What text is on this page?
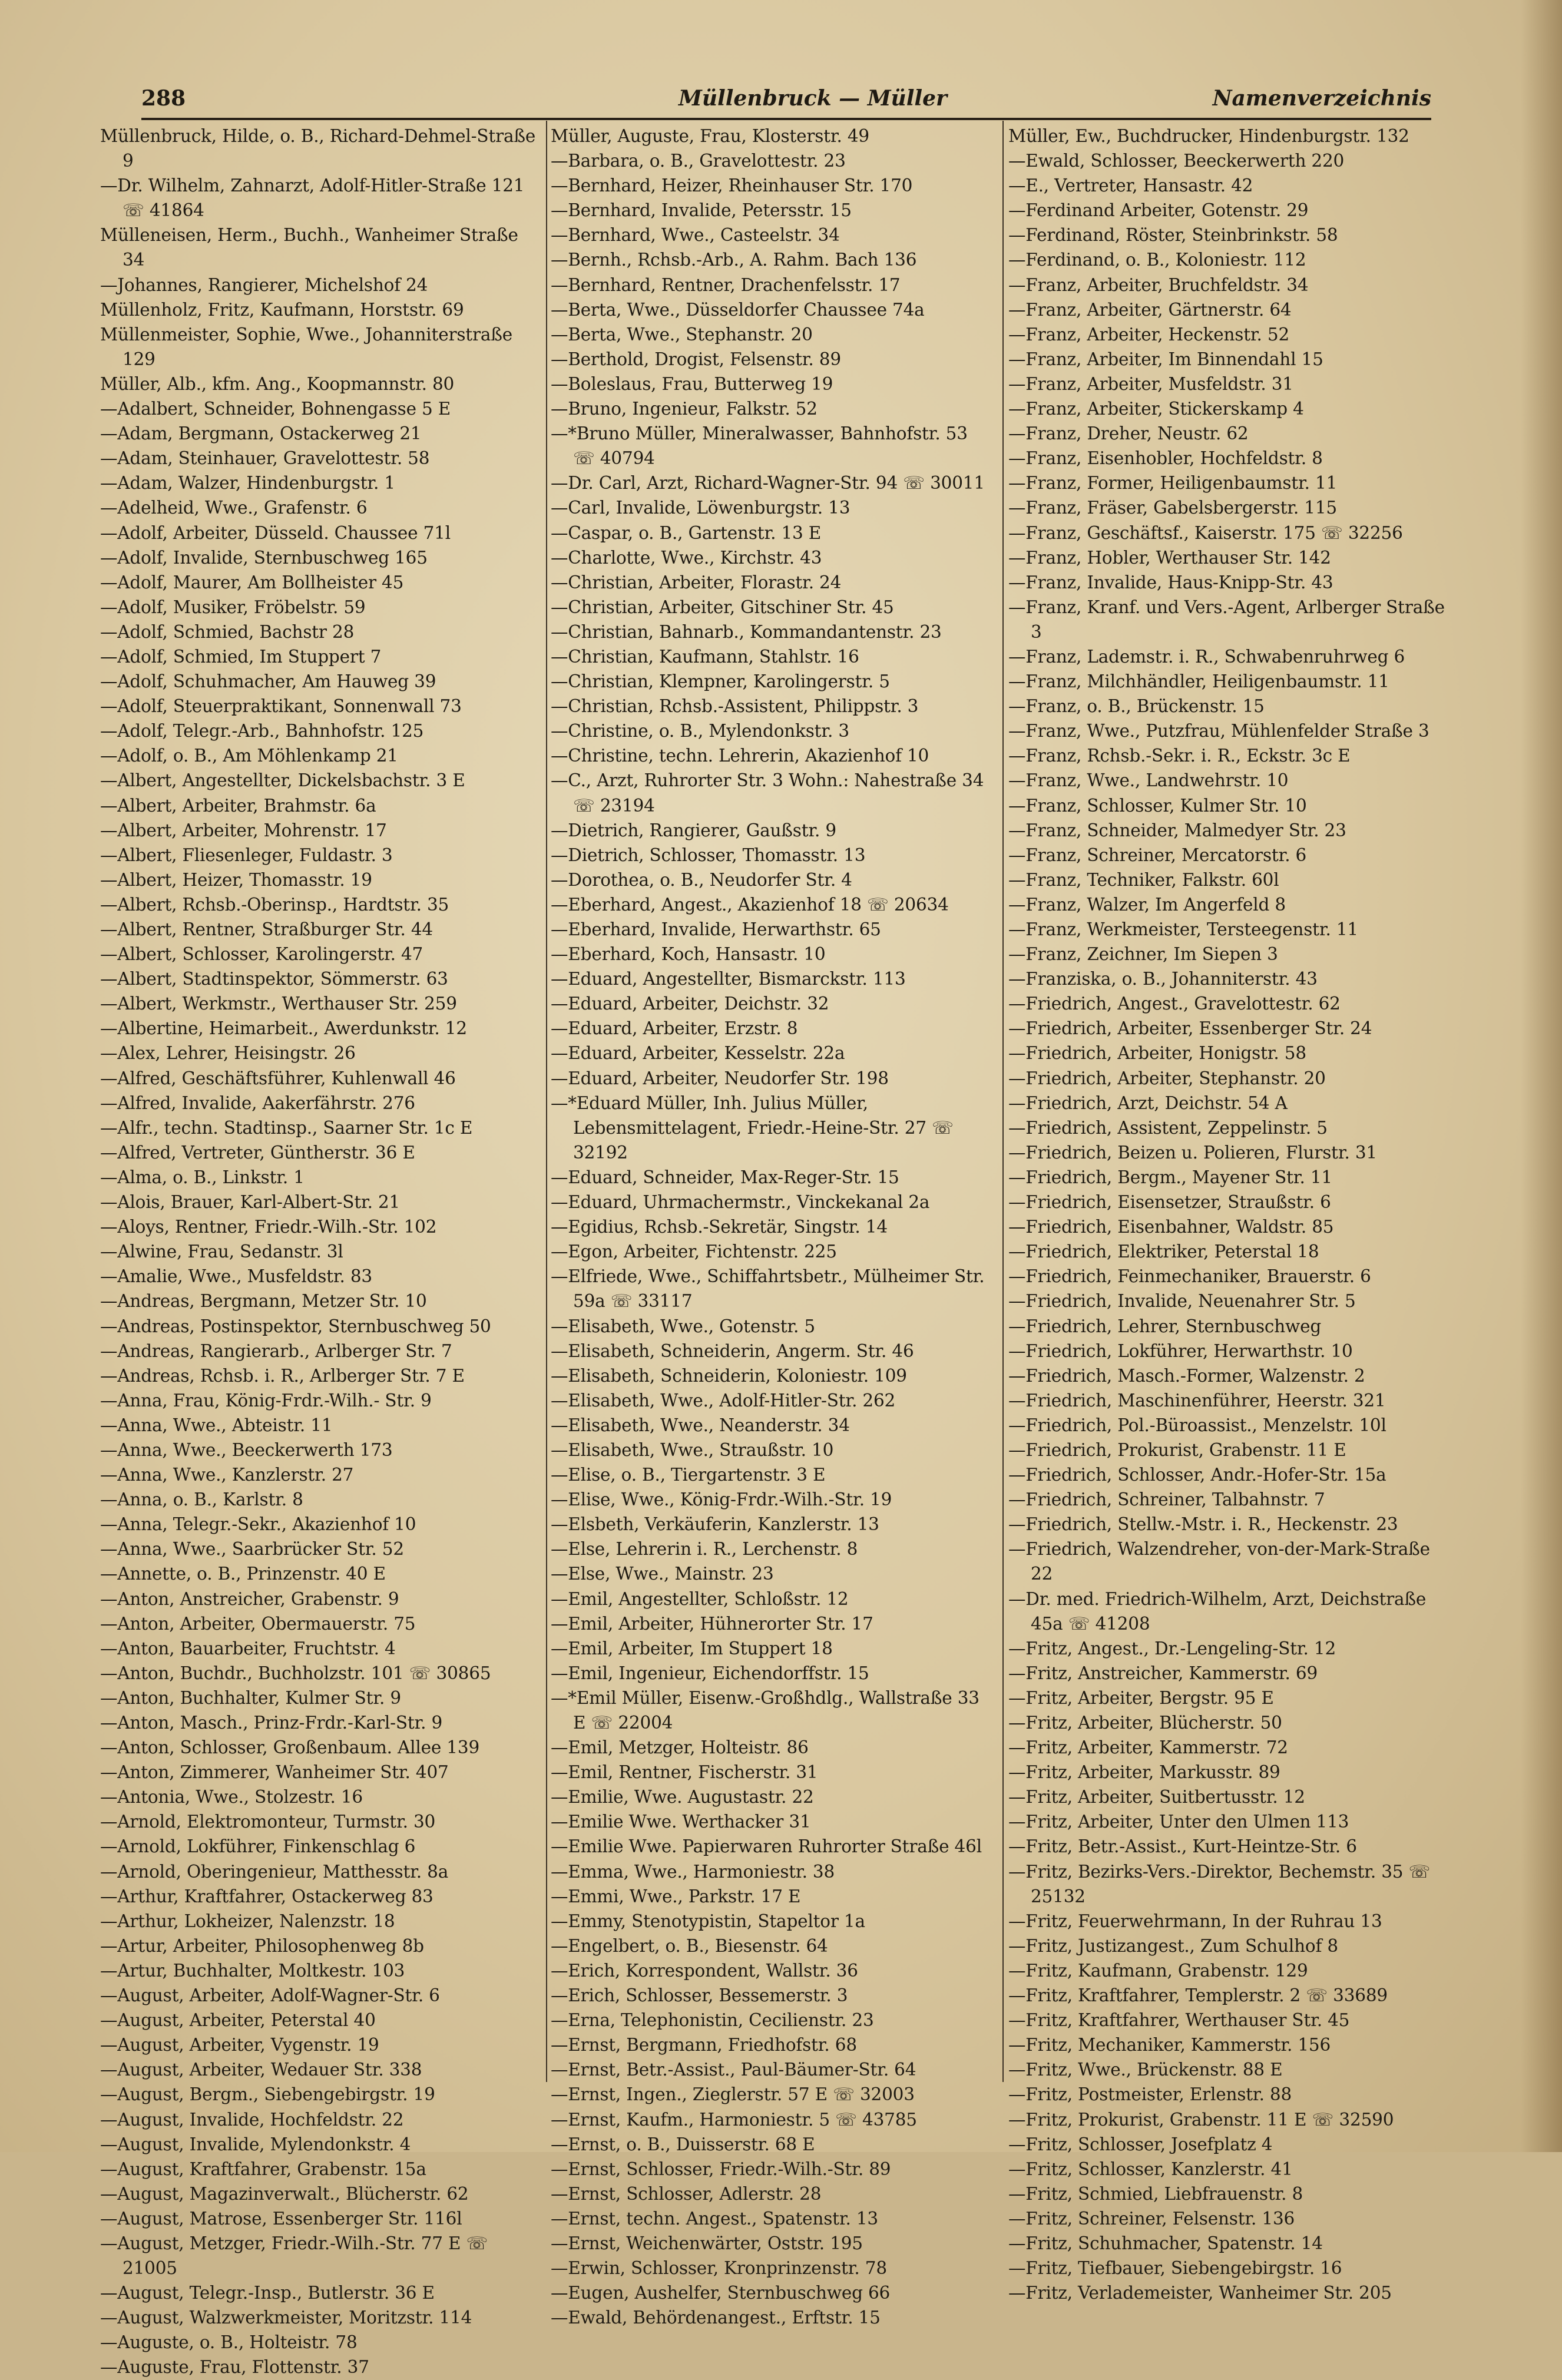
288	Müllenbruck — Müller	Namenverzeichnis

Müllenbruck, Hilde, o. B., Richard-Dehmel-Straße 9

—Dr. Wilhelm, Zahnarzt, Adolf-Hitler-Straße 121 ☏ 41864

Mülleneisen, Herm., Buchh., Wanheimer Straße 34

—Johannes, Rangierer, Michelshof 24

Müllenholz, Fritz, Kaufmann, Horststr. 69

Müllenmeister, Sophie, Wwe., Johanniterstraße 129

Müller, Alb., kfm. Ang., Koopmannstr. 80

—Adalbert, Schneider, Bohnengasse 5 E

—Adam, Bergmann, Ostackerweg 21

—Adam, Steinhauer, Gravelottestr. 58

—Adam, Walzer, Hindenburgstr. 1

—Adelheid, Wwe., Grafenstr. 6

—Adolf, Arbeiter, Düsseld. Chaussee 71l

—Adolf, Invalide, Sternbuschweg 165

—Adolf, Maurer, Am Bollheister 45

—Adolf, Musiker, Fröbelstr. 59

—Adolf, Schmied, Bachstr 28

—Adolf, Schmied, Im Stuppert 7

—Adolf, Schuhmacher, Am Hauweg 39

—Adolf, Steuerpraktikant, Sonnenwall 73

—Adolf, Telegr.-Arb., Bahnhofstr. 125

—Adolf, o. B., Am Möhlenkamp 21

—Albert, Angestellter, Dickelsbachstr. 3 E

—Albert, Arbeiter, Brahmstr. 6a

—Albert, Arbeiter, Mohrenstr. 17

—Albert, Fliesenleger, Fuldastr. 3

—Albert, Heizer, Thomasstr. 19

—Albert, Rchsb.-Oberinsp., Hardtstr. 35

—Albert, Rentner, Straßburger Str. 44

—Albert, Schlosser, Karolingerstr. 47

—Albert, Stadtinspektor, Sömmerstr. 63

—Albert, Werkmstr., Werthauser Str. 259

—Albertine, Heimarbeit., Awerdunkstr. 12

—Alex, Lehrer, Heisingstr. 26

—Alfred, Geschäftsführer, Kuhlenwall 46

—Alfred, Invalide, Aakerfährstr. 276

—Alfr., techn. Stadtinsp., Saarner Str. 1c E

—Alfred, Vertreter, Güntherstr. 36 E

—Alma, o. B., Linkstr. 1

—Alois, Brauer, Karl-Albert-Str. 21

—Aloys, Rentner, Friedr.-Wilh.-Str. 102

—Alwine, Frau, Sedanstr. 3l

—Amalie, Wwe., Musfeldstr. 83

—Andreas, Bergmann, Metzer Str. 10

—Andreas, Postinspektor, Sternbuschweg 50

—Andreas, Rangierarb., Arlberger Str. 7

—Andreas, Rchsb. i. R., Arlberger Str. 7 E

—Anna, Frau, König-Frdr.-Wilh.- Str. 9

—Anna, Wwe., Abteistr. 11

—Anna, Wwe., Beeckerwerth 173

—Anna, Wwe., Kanzlerstr. 27

—Anna, o. B., Karlstr. 8

—Anna, Telegr.-Sekr., Akazienhof 10

—Anna, Wwe., Saarbrücker Str. 52

—Annette, o. B., Prinzenstr. 40 E

—Anton, Anstreicher, Grabenstr. 9

—Anton, Arbeiter, Obermauerstr. 75

—Anton, Bauarbeiter, Fruchtstr. 4

—Anton, Buchdr., Buchholzstr. 101 ☏ 30865

—Anton, Buchhalter, Kulmer Str. 9

—Anton, Masch., Prinz-Frdr.-Karl-Str. 9

—Anton, Schlosser, Großenbaum. Allee 139

—Anton, Zimmerer, Wanheimer Str. 407

—Antonia, Wwe., Stolzestr. 16

—Arnold, Elektromonteur, Turmstr. 30

—Arnold, Lokführer, Finkenschlag 6

—Arnold, Oberingenieur, Matthesstr. 8a

—Arthur, Kraftfahrer, Ostackerweg 83

—Arthur, Lokheizer, Nalenzstr. 18

—Artur, Arbeiter, Philosophenweg 8b

—Artur, Buchhalter, Moltkestr. 103

—August, Arbeiter, Adolf-Wagner-Str. 6

—August, Arbeiter, Peterstal 40

—August, Arbeiter, Vygenstr. 19

—August, Arbeiter, Wedauer Str. 338

—August, Bergm., Siebengebirgstr. 19

—August, Invalide, Hochfeldstr. 22

—August, Invalide, Mylendonkstr. 4

—August, Kraftfahrer, Grabenstr. 15a

—August, Magazinverwalt., Blücherstr. 62

—August, Matrose, Essenberger Str. 116l

—August, Metzger, Friedr.-Wilh.-Str. 77 E ☏ 21005

—August, Telegr.-Insp., Butlerstr. 36 E

—August, Walzwerkmeister, Moritzstr. 114

—Auguste, o. B., Holteistr. 78

—Auguste, Frau, Flottenstr. 37

Müller, Auguste, Frau, Klosterstr. 49

—Barbara, o. B., Gravelottestr. 23

—Bernhard, Heizer, Rheinhauser Str. 170

—Bernhard, Invalide, Petersstr. 15

—Bernhard, Wwe., Casteelstr. 34

—Bernh., Rchsb.-Arb., A. Rahm. Bach 136

—Bernhard, Rentner, Drachenfelsstr. 17

—Berta, Wwe., Düsseldorfer Chaussee 74a

—Berta, Wwe., Stephanstr. 20

—Berthold, Drogist, Felsenstr. 89

—Boleslaus, Frau, Butterweg 19

—Bruno, Ingenieur, Falkstr. 52

—*Bruno Müller, Mineralwasser, Bahnhofstr. 53 ☏ 40794

—Dr. Carl, Arzt, Richard-Wagner-Str. 94 ☏ 30011

—Carl, Invalide, Löwenburgstr. 13

—Caspar, o. B., Gartenstr. 13 E

—Charlotte, Wwe., Kirchstr. 43

—Christian, Arbeiter, Florastr. 24

—Christian, Arbeiter, Gitschiner Str. 45

—Christian, Bahnarb., Kommandantenstr. 23

—Christian, Kaufmann, Stahlstr. 16

—Christian, Klempner, Karolingerstr. 5

—Christian, Rchsb.-Assistent, Philippstr. 3

—Christine, o. B., Mylendonkstr. 3

—Christine, techn. Lehrerin, Akazienhof 10

—C., Arzt, Ruhrorter Str. 3 Wohn.: Nahestraße 34 ☏ 23194

—Dietrich, Rangierer, Gaußstr. 9

—Dietrich, Schlosser, Thomasstr. 13

—Dorothea, o. B., Neudorfer Str. 4

—Eberhard, Angest., Akazienhof 18 ☏ 20634

—Eberhard, Invalide, Herwarthstr. 65

—Eberhard, Koch, Hansastr. 10

—Eduard, Angestellter, Bismarckstr. 113

—Eduard, Arbeiter, Deichstr. 32

—Eduard, Arbeiter, Erzstr. 8

—Eduard, Arbeiter, Kesselstr. 22a

—Eduard, Arbeiter, Neudorfer Str. 198

—*Eduard Müller, Inh. Julius Müller, Lebensmittelagent, Friedr.-Heine-Str. 27 ☏ 32192

—Eduard, Schneider, Max-Reger-Str. 15

—Eduard, Uhrmachermstr., Vinckekanal 2a

—Egidius, Rchsb.-Sekretär, Singstr. 14

—Egon, Arbeiter, Fichtenstr. 225

—Elfriede, Wwe., Schiffahrtsbetr., Mülheimer Str. 59a ☏ 33117

—Elisabeth, Wwe., Gotenstr. 5

—Elisabeth, Schneiderin, Angerm. Str. 46

—Elisabeth, Schneiderin, Koloniestr. 109

—Elisabeth, Wwe., Adolf-Hitler-Str. 262

—Elisabeth, Wwe., Neanderstr. 34

—Elisabeth, Wwe., Straußstr. 10

—Elise, o. B., Tiergartenstr. 3 E

—Elise, Wwe., König-Frdr.-Wilh.-Str. 19

—Elsbeth, Verkäuferin, Kanzlerstr. 13

—Else, Lehrerin i. R., Lerchenstr. 8

—Else, Wwe., Mainstr. 23

—Emil, Angestellter, Schloßstr. 12

—Emil, Arbeiter, Hühnerorter Str. 17

—Emil, Arbeiter, Im Stuppert 18

—Emil, Ingenieur, Eichendorffstr. 15

—*Emil Müller, Eisenw.-Großhdlg., Wallstraße 33 E ☏ 22004

—Emil, Metzger, Holteistr. 86

—Emil, Rentner, Fischerstr. 31

—Emilie, Wwe. Augustastr. 22

—Emilie Wwe. Werthacker 31

—Emilie Wwe. Papierwaren Ruhrorter Straße 46l

—Emma, Wwe., Harmoniestr. 38

—Emmi, Wwe., Parkstr. 17 E

—Emmy, Stenotypistin, Stapeltor 1a

—Engelbert, o. B., Biesenstr. 64

—Erich, Korrespondent, Wallstr. 36

—Erich, Schlosser, Bessemerstr. 3

—Erna, Telephonistin, Cecilienstr. 23

—Ernst, Bergmann, Friedhofstr. 68

—Ernst, Betr.-Assist., Paul-Bäumer-Str. 64

—Ernst, Ingen., Zieglerstr. 57 E ☏ 32003

—Ernst, Kaufm., Harmoniestr. 5 ☏ 43785

—Ernst, o. B., Duisserstr. 68 E

—Ernst, Schlosser, Friedr.-Wilh.-Str. 89

—Ernst, Schlosser, Adlerstr. 28

—Ernst, techn. Angest., Spatenstr. 13

—Ernst, Weichenwärter, Oststr. 195

—Erwin, Schlosser, Kronprinzenstr. 78

—Eugen, Aushelfer, Sternbuschweg 66

—Ewald, Behördenangest., Erftstr. 15

Müller, Ew., Buchdrucker, Hindenburgstr. 132

—Ewald, Schlosser, Beeckerwerth 220

—E., Vertreter, Hansastr. 42

—Ferdinand Arbeiter, Gotenstr. 29

—Ferdinand, Röster, Steinbrinkstr. 58

—Ferdinand, o. B., Koloniestr. 112

—Franz, Arbeiter, Bruchfeldstr. 34

—Franz, Arbeiter, Gärtnerstr. 64

—Franz, Arbeiter, Heckenstr. 52

—Franz, Arbeiter, Im Binnendahl 15

—Franz, Arbeiter, Musfeldstr. 31

—Franz, Arbeiter, Stickerskamp 4

—Franz, Dreher, Neustr. 62

—Franz, Eisenhobler, Hochfeldstr. 8

—Franz, Former, Heiligenbaumstr. 11

—Franz, Fräser, Gabelsbergerstr. 115

—Franz, Geschäftsf., Kaiserstr. 175 ☏ 32256

—Franz, Hobler, Werthauser Str. 142

—Franz, Invalide, Haus-Knipp-Str. 43

—Franz, Kranf. und Vers.-Agent, Arlberger Straße 3

—Franz, Lademstr. i. R., Schwabenruhrweg 6

—Franz, Milchhändler, Heiligenbaumstr. 11

—Franz, o. B., Brückenstr. 15

—Franz, Wwe., Putzfrau, Mühlenfelder Straße 3

—Franz, Rchsb.-Sekr. i. R., Eckstr. 3c E

—Franz, Wwe., Landwehrstr. 10

—Franz, Schlosser, Kulmer Str. 10

—Franz, Schneider, Malmedyer Str. 23

—Franz, Schreiner, Mercatorstr. 6

—Franz, Techniker, Falkstr. 60l

—Franz, Walzer, Im Angerfeld 8

—Franz, Werkmeister, Tersteegenstr. 11

—Franz, Zeichner, Im Siepen 3

—Franziska, o. B., Johanniterstr. 43

—Friedrich, Angest., Gravelottestr. 62

—Friedrich, Arbeiter, Essenberger Str. 24

—Friedrich, Arbeiter, Honigstr. 58

—Friedrich, Arbeiter, Stephanstr. 20

—Friedrich, Arzt, Deichstr. 54 A

—Friedrich, Assistent, Zeppelinstr. 5

—Friedrich, Beizen u. Polieren, Flurstr. 31

—Friedrich, Bergm., Mayener Str. 11

—Friedrich, Eisensetzer, Straußstr. 6

—Friedrich, Eisenbahner, Waldstr. 85

—Friedrich, Elektriker, Peterstal 18

—Friedrich, Feinmechaniker, Brauerstr. 6

—Friedrich, Invalide, Neuenahrer Str. 5

—Friedrich, Lehrer, Sternbuschweg

—Friedrich, Lokführer, Herwarthstr. 10

—Friedrich, Masch.-Former, Walzenstr. 2

—Friedrich, Maschinenführer, Heerstr. 321

—Friedrich, Pol.-Büroassist., Menzelstr. 10l

—Friedrich, Prokurist, Grabenstr. 11 E

—Friedrich, Schlosser, Andr.-Hofer-Str. 15a

—Friedrich, Schreiner, Talbahnstr. 7

—Friedrich, Stellw.-Mstr. i. R., Heckenstr. 23

—Friedrich, Walzendreher, von-der-Mark-Straße 22

—Dr. med. Friedrich-Wilhelm, Arzt, Deichstraße 45a ☏ 41208

—Fritz, Angest., Dr.-Lengeling-Str. 12

—Fritz, Anstreicher, Kammerstr. 69

—Fritz, Arbeiter, Bergstr. 95 E

—Fritz, Arbeiter, Blücherstr. 50

—Fritz, Arbeiter, Kammerstr. 72

—Fritz, Arbeiter, Markusstr. 89

—Fritz, Arbeiter, Suitbertusstr. 12

—Fritz, Arbeiter, Unter den Ulmen 113

—Fritz, Betr.-Assist., Kurt-Heintze-Str. 6

—Fritz, Bezirks-Vers.-Direktor, Bechemstr. 35 ☏ 25132

—Fritz, Feuerwehrmann, In der Ruhrau 13

—Fritz, Justizangest., Zum Schulhof 8

—Fritz, Kaufmann, Grabenstr. 129

—Fritz, Kraftfahrer, Templerstr. 2 ☏ 33689

—Fritz, Kraftfahrer, Werthauser Str. 45

—Fritz, Mechaniker, Kammerstr. 156

—Fritz, Wwe., Brückenstr. 88 E

—Fritz, Postmeister, Erlenstr. 88

—Fritz, Prokurist, Grabenstr. 11 E ☏ 32590

—Fritz, Schlosser, Josefplatz 4

—Fritz, Schlosser, Kanzlerstr. 41

—Fritz, Schmied, Liebfrauenstr. 8

—Fritz, Schreiner, Felsenstr. 136

—Fritz, Schuhmacher, Spatenstr. 14

—Fritz, Tiefbauer, Siebengebirgstr. 16

—Fritz, Verlademeister, Wanheimer Str. 205
